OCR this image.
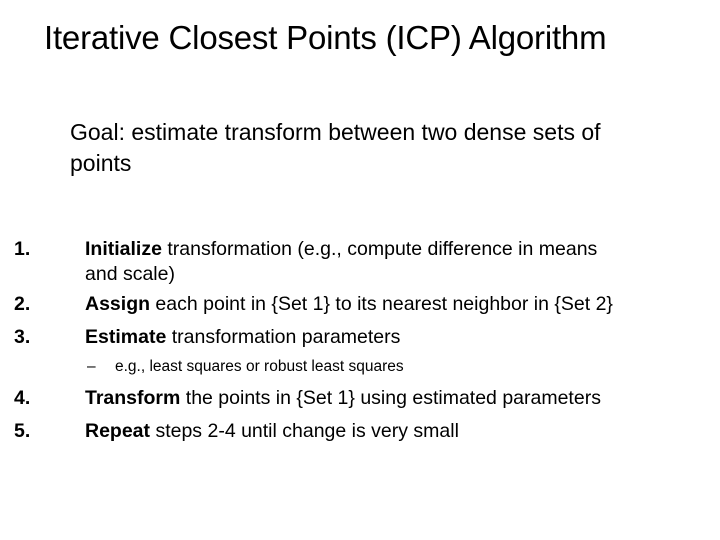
Iterative Closest Points (ICP) Algorithm
Goal: estimate transform between two dense sets of points
1.	Initialize transformation (e.g., compute difference in means
and scale)
2.	Assign each point in {Set 1} to its nearest neighbor in {Set 2}
3.	Estimate transformation parameters
– e.g., least squares or robust least squares
4.	Transform the points in {Set 1} using estimated parameters
5.	Repeat steps 2-4 until change is very small
